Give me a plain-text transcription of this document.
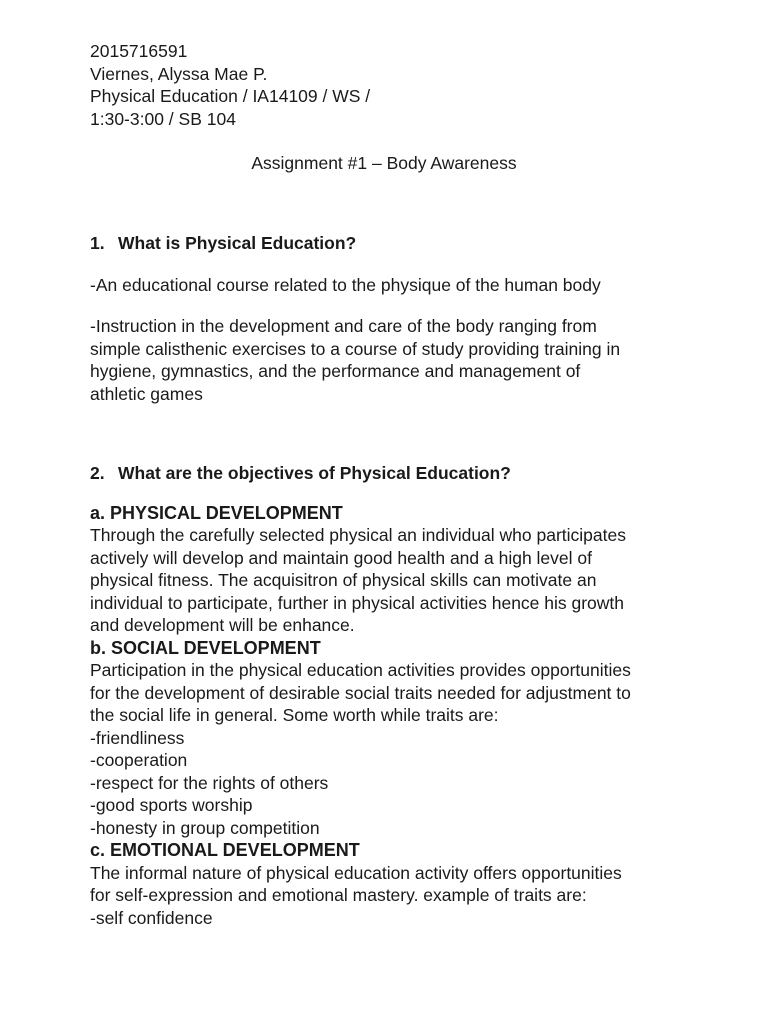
2015716591
Viernes, Alyssa Mae P.
Physical Education / IA14109 / WS /
1:30-3:00 / SB 104
Assignment #1 – Body Awareness

1. What is Physical Education?

-An educational course related to the physique of the human body

-Instruction in the development and care of the body ranging from
simple calisthenic exercises to a course of study providing training in
hygiene, gymnastics, and the performance and management of
athletic games

2. What are the objectives of Physical Education?

a. PHYSICAL DEVELOPMENT
Through the carefully selected physical an individual who participates
actively will develop and maintain good health and a high level of
physical fitness. The acquisitron of physical skills can motivate an
individual to participate, further in physical activities hence his growth
and development will be enhance.
b. SOCIAL DEVELOPMENT
Participation in the physical education activities provides opportunities
for the development of desirable social traits needed for adjustment to
the social life in general. Some worth while traits are:
-friendliness
-cooperation
-respect for the rights of others
-good sports worship
-honesty in group competition
c. EMOTIONAL DEVELOPMENT
The informal nature of physical education activity offers opportunities
for self-expression and emotional mastery. example of traits are:
-self confidence
